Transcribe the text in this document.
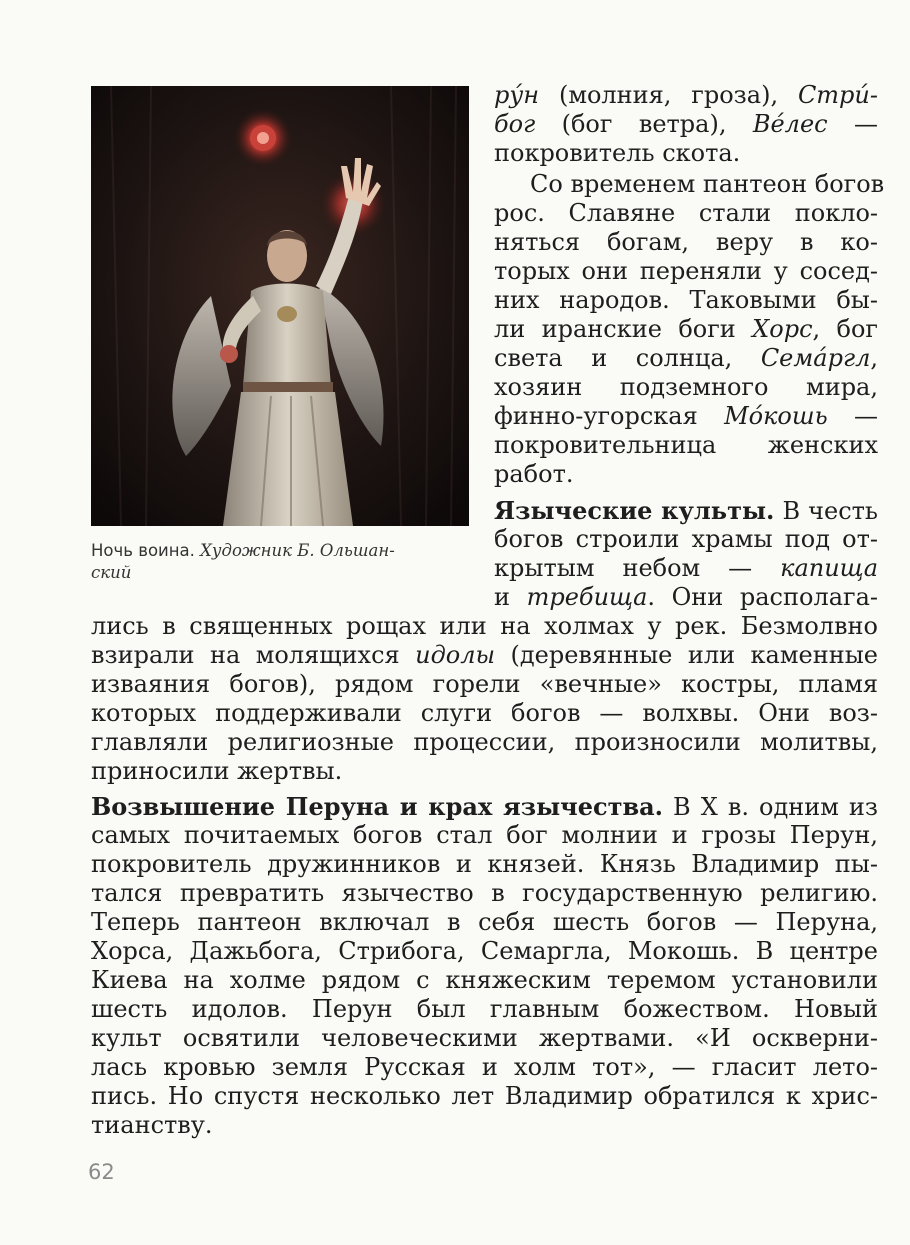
Ночь воина. Художник Б. Ольшан-
ский
ру́н (молния, гроза), Стри́-
бог (бог ветра), Ве́лес —
покровитель скота.
Со временем пантеон богов
рос. Славяне стали покло-
няться богам, веру в ко-
торых они переняли у сосед-
них народов. Таковыми бы-
ли иранские боги Хорс, бог
света и солнца, Сема́ргл,
хозяин подземного мира,
финно-угорская Мо́кошь —
покровительница женских
работ.
Языческие культы. В честь
богов строили храмы под от-
крытым небом — капища
и требища. Они располага-
лись в священных рощах или на холмах у рек. Безмолвно
взирали на молящихся идолы (деревянные или каменные
изваяния богов), рядом горели «вечные» костры, пламя
которых поддерживали слуги богов — волхвы. Они воз-
главляли религиозные процессии, произносили молитвы,
приносили жертвы.
Возвышение Перуна и крах язычества. В X в. одним из
самых почитаемых богов стал бог молнии и грозы Перун,
покровитель дружинников и князей. Князь Владимир пы-
тался превратить язычество в государственную религию.
Теперь пантеон включал в себя шесть богов — Перуна,
Хорса, Дажьбога, Стрибога, Семаргла, Мокошь. В центре
Киева на холме рядом с княжеским теремом установили
шесть идолов. Перун был главным божеством. Новый
культ освятили человеческими жертвами. «И оскверни-
лась кровью земля Русская и холм тот», — гласит лето-
пись. Но спустя несколько лет Владимир обратился к хрис-
тианству.
62
